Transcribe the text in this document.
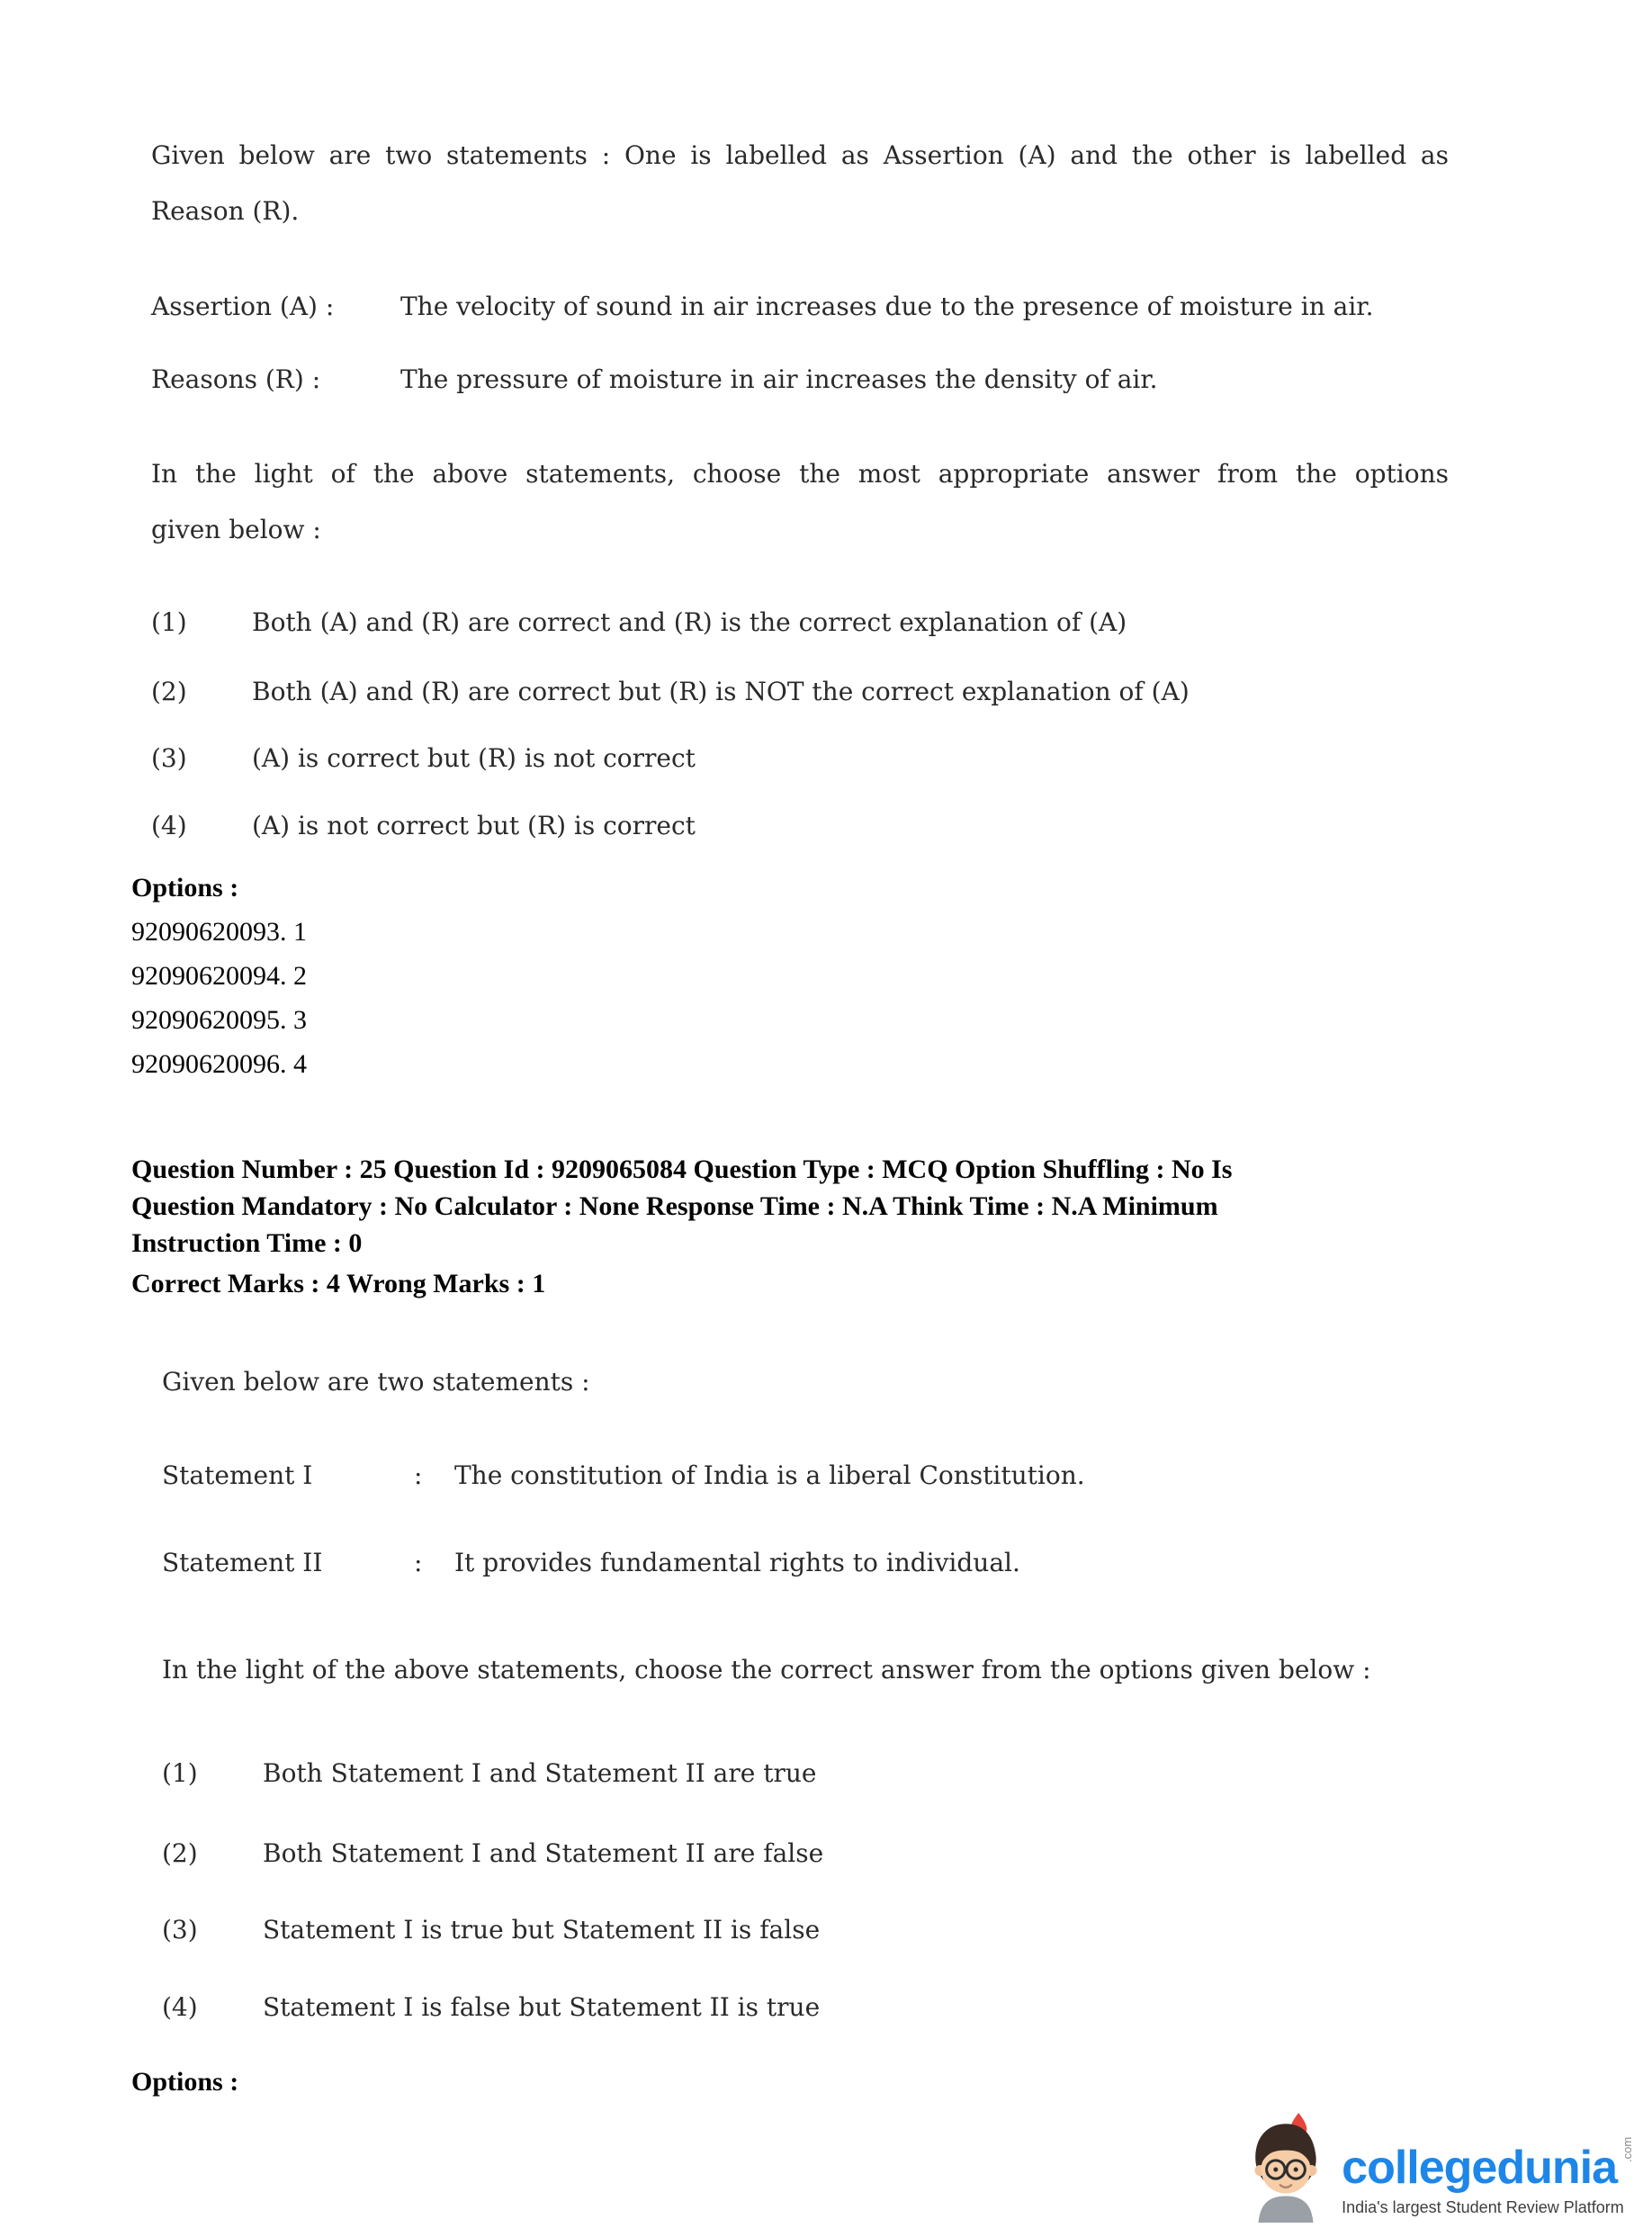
Given below are two statements : One is labelled as Assertion (A) and the other is labelled as
Reason (R).
Assertion (A) :	The velocity of sound in air increases due to the presence of moisture in air.
Reasons (R) :	The pressure of moisture in air increases the density of air.
In the light of the above statements, choose the most appropriate answer from the options
given below :
(1)	Both (A) and (R) are correct and (R) is the correct explanation of (A)
(2)	Both (A) and (R) are correct but (R) is NOT the correct explanation of (A)
(3)	(A) is correct but (R) is not correct
(4)	(A) is not correct but (R) is correct
Options :
92090620093. 1
92090620094. 2
92090620095. 3
92090620096. 4
Question Number : 25 Question Id : 9209065084 Question Type : MCQ Option Shuffling : No Is
Question Mandatory : No Calculator : None Response Time : N.A Think Time : N.A Minimum
Instruction Time : 0
Correct Marks : 4 Wrong Marks : 1
Given below are two statements :
Statement I	:	The constitution of India is a liberal Constitution.
Statement II	:	It provides fundamental rights to individual.
In the light of the above statements, choose the correct answer from the options given below :
(1)	Both Statement I and Statement II are true
(2)	Both Statement I and Statement II are false
(3)	Statement I is true but Statement II is false
(4)	Statement I is false but Statement II is true
Options :
collegedunia .com
India's largest Student Review Platform
